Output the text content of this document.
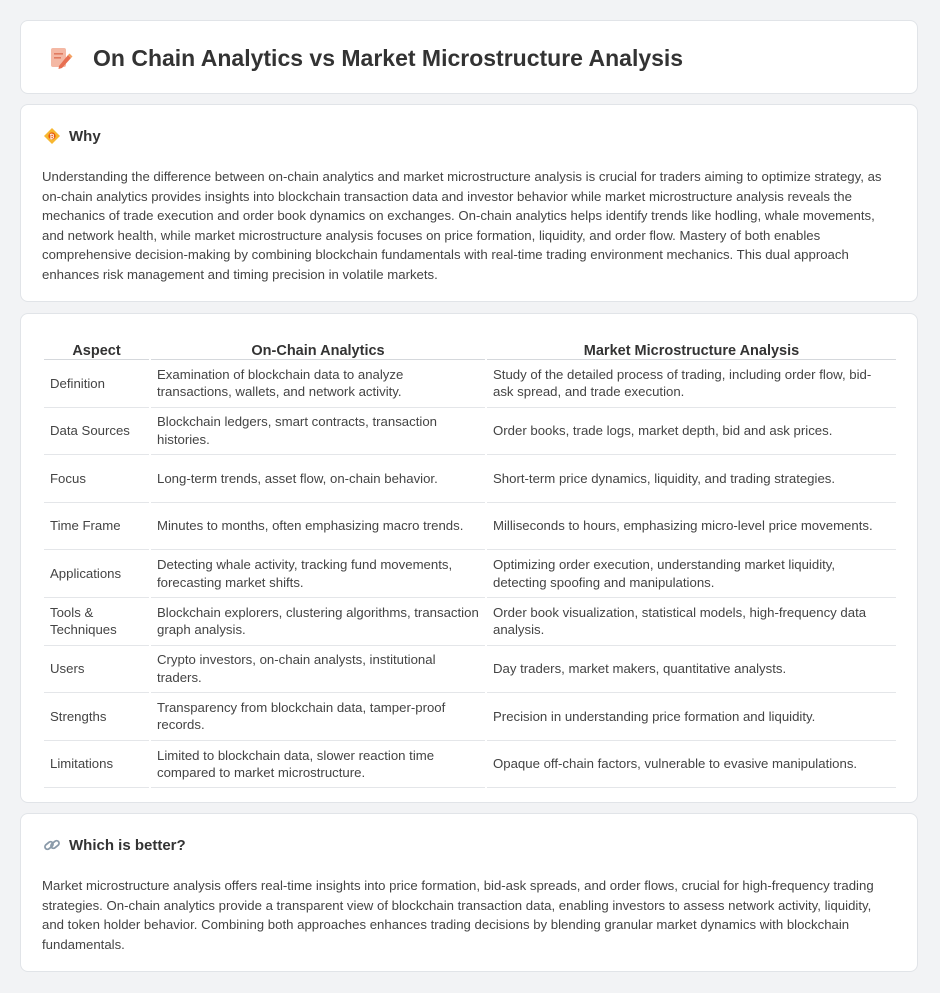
On Chain Analytics vs Market Microstructure Analysis
₿ Why

Understanding the difference between on-chain analytics and market microstructure analysis is crucial for traders aiming to optimize strategy, as on-chain analytics provides insights into blockchain transaction data and investor behavior while market microstructure analysis reveals the mechanics of trade execution and order book dynamics on exchanges. On-chain analytics helps identify trends like hodling, whale movements, and network health, while market microstructure analysis focuses on price formation, liquidity, and order flow. Mastery of both enables comprehensive decision-making by combining blockchain fundamentals with real-time trading environment mechanics. This dual approach enhances risk management and timing precision in volatile markets.

Aspect	On-Chain Analytics	Market Microstructure Analysis
Definition	Examination of blockchain data to analyze transactions, wallets, and network activity.	Study of the detailed process of trading, including order flow, bid-ask spread, and trade execution.
Data Sources	Blockchain ledgers, smart contracts, transaction histories.	Order books, trade logs, market depth, bid and ask prices.
Focus	Long-term trends, asset flow, on-chain behavior.	Short-term price dynamics, liquidity, and trading strategies.
Time Frame	Minutes to months, often emphasizing macro trends.	Milliseconds to hours, emphasizing micro-level price movements.
Applications	Detecting whale activity, tracking fund movements, forecasting market shifts.	Optimizing order execution, understanding market liquidity, detecting spoofing and manipulations.
Tools & Techniques	Blockchain explorers, clustering algorithms, transaction graph analysis.	Order book visualization, statistical models, high-frequency data analysis.
Users	Crypto investors, on-chain analysts, institutional traders.	Day traders, market makers, quantitative analysts.
Strengths	Transparency from blockchain data, tamper-proof records.	Precision in understanding price formation and liquidity.
Limitations	Limited to blockchain data, slower reaction time compared to market microstructure.	Opaque off-chain factors, vulnerable to evasive manipulations.
Which is better?

Market microstructure analysis offers real-time insights into price formation, bid-ask spreads, and order flows, crucial for high-frequency trading strategies. On-chain analytics provide a transparent view of blockchain transaction data, enabling investors to assess network activity, liquidity, and token holder behavior. Combining both approaches enhances trading decisions by blending granular market dynamics with blockchain fundamentals.
